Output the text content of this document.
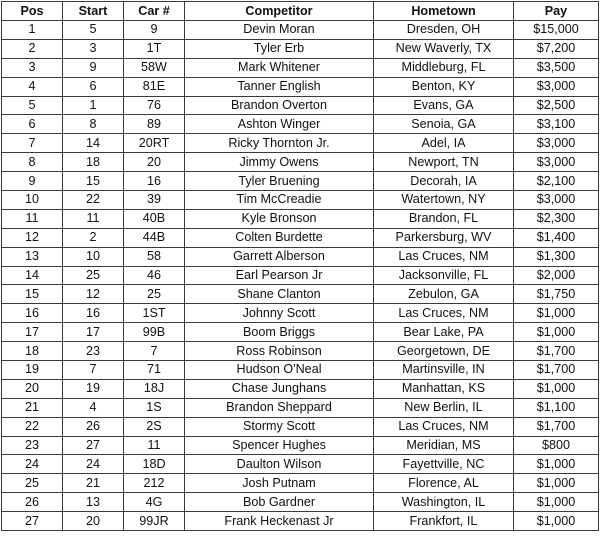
Pos	Start	Car #	Competitor	Hometown	Pay
1	5	9	Devin Moran	Dresden, OH	$15,000
2	3	1T	Tyler Erb	New Waverly, TX	$7,200
3	9	58W	Mark Whitener	Middleburg, FL	$3,500
4	6	81E	Tanner English	Benton, KY	$3,000
5	1	76	Brandon Overton	Evans, GA	$2,500
6	8	89	Ashton Winger	Senoia, GA	$3,100
7	14	20RT	Ricky Thornton Jr.	Adel, IA	$3,000
8	18	20	Jimmy Owens	Newport, TN	$3,000
9	15	16	Tyler Bruening	Decorah, IA	$2,100
10	22	39	Tim McCreadie	Watertown, NY	$3,000
11	11	40B	Kyle Bronson	Brandon, FL	$2,300
12	2	44B	Colten Burdette	Parkersburg, WV	$1,400
13	10	58	Garrett Alberson	Las Cruces, NM	$1,300
14	25	46	Earl Pearson Jr	Jacksonville, FL	$2,000
15	12	25	Shane Clanton	Zebulon, GA	$1,750
16	16	1ST	Johnny Scott	Las Cruces, NM	$1,000
17	17	99B	Boom Briggs	Bear Lake, PA	$1,000
18	23	7	Ross Robinson	Georgetown, DE	$1,700
19	7	71	Hudson O'Neal	Martinsville, IN	$1,700
20	19	18J	Chase Junghans	Manhattan, KS	$1,000
21	4	1S	Brandon Sheppard	New Berlin, IL	$1,100
22	26	2S	Stormy Scott	Las Cruces, NM	$1,700
23	27	11	Spencer Hughes	Meridian, MS	$800
24	24	18D	Daulton Wilson	Fayettville, NC	$1,000
25	21	212	Josh Putnam	Florence, AL	$1,000
26	13	4G	Bob Gardner	Washington, IL	$1,000
27	20	99JR	Frank Heckenast Jr	Frankfort, IL	$1,000
